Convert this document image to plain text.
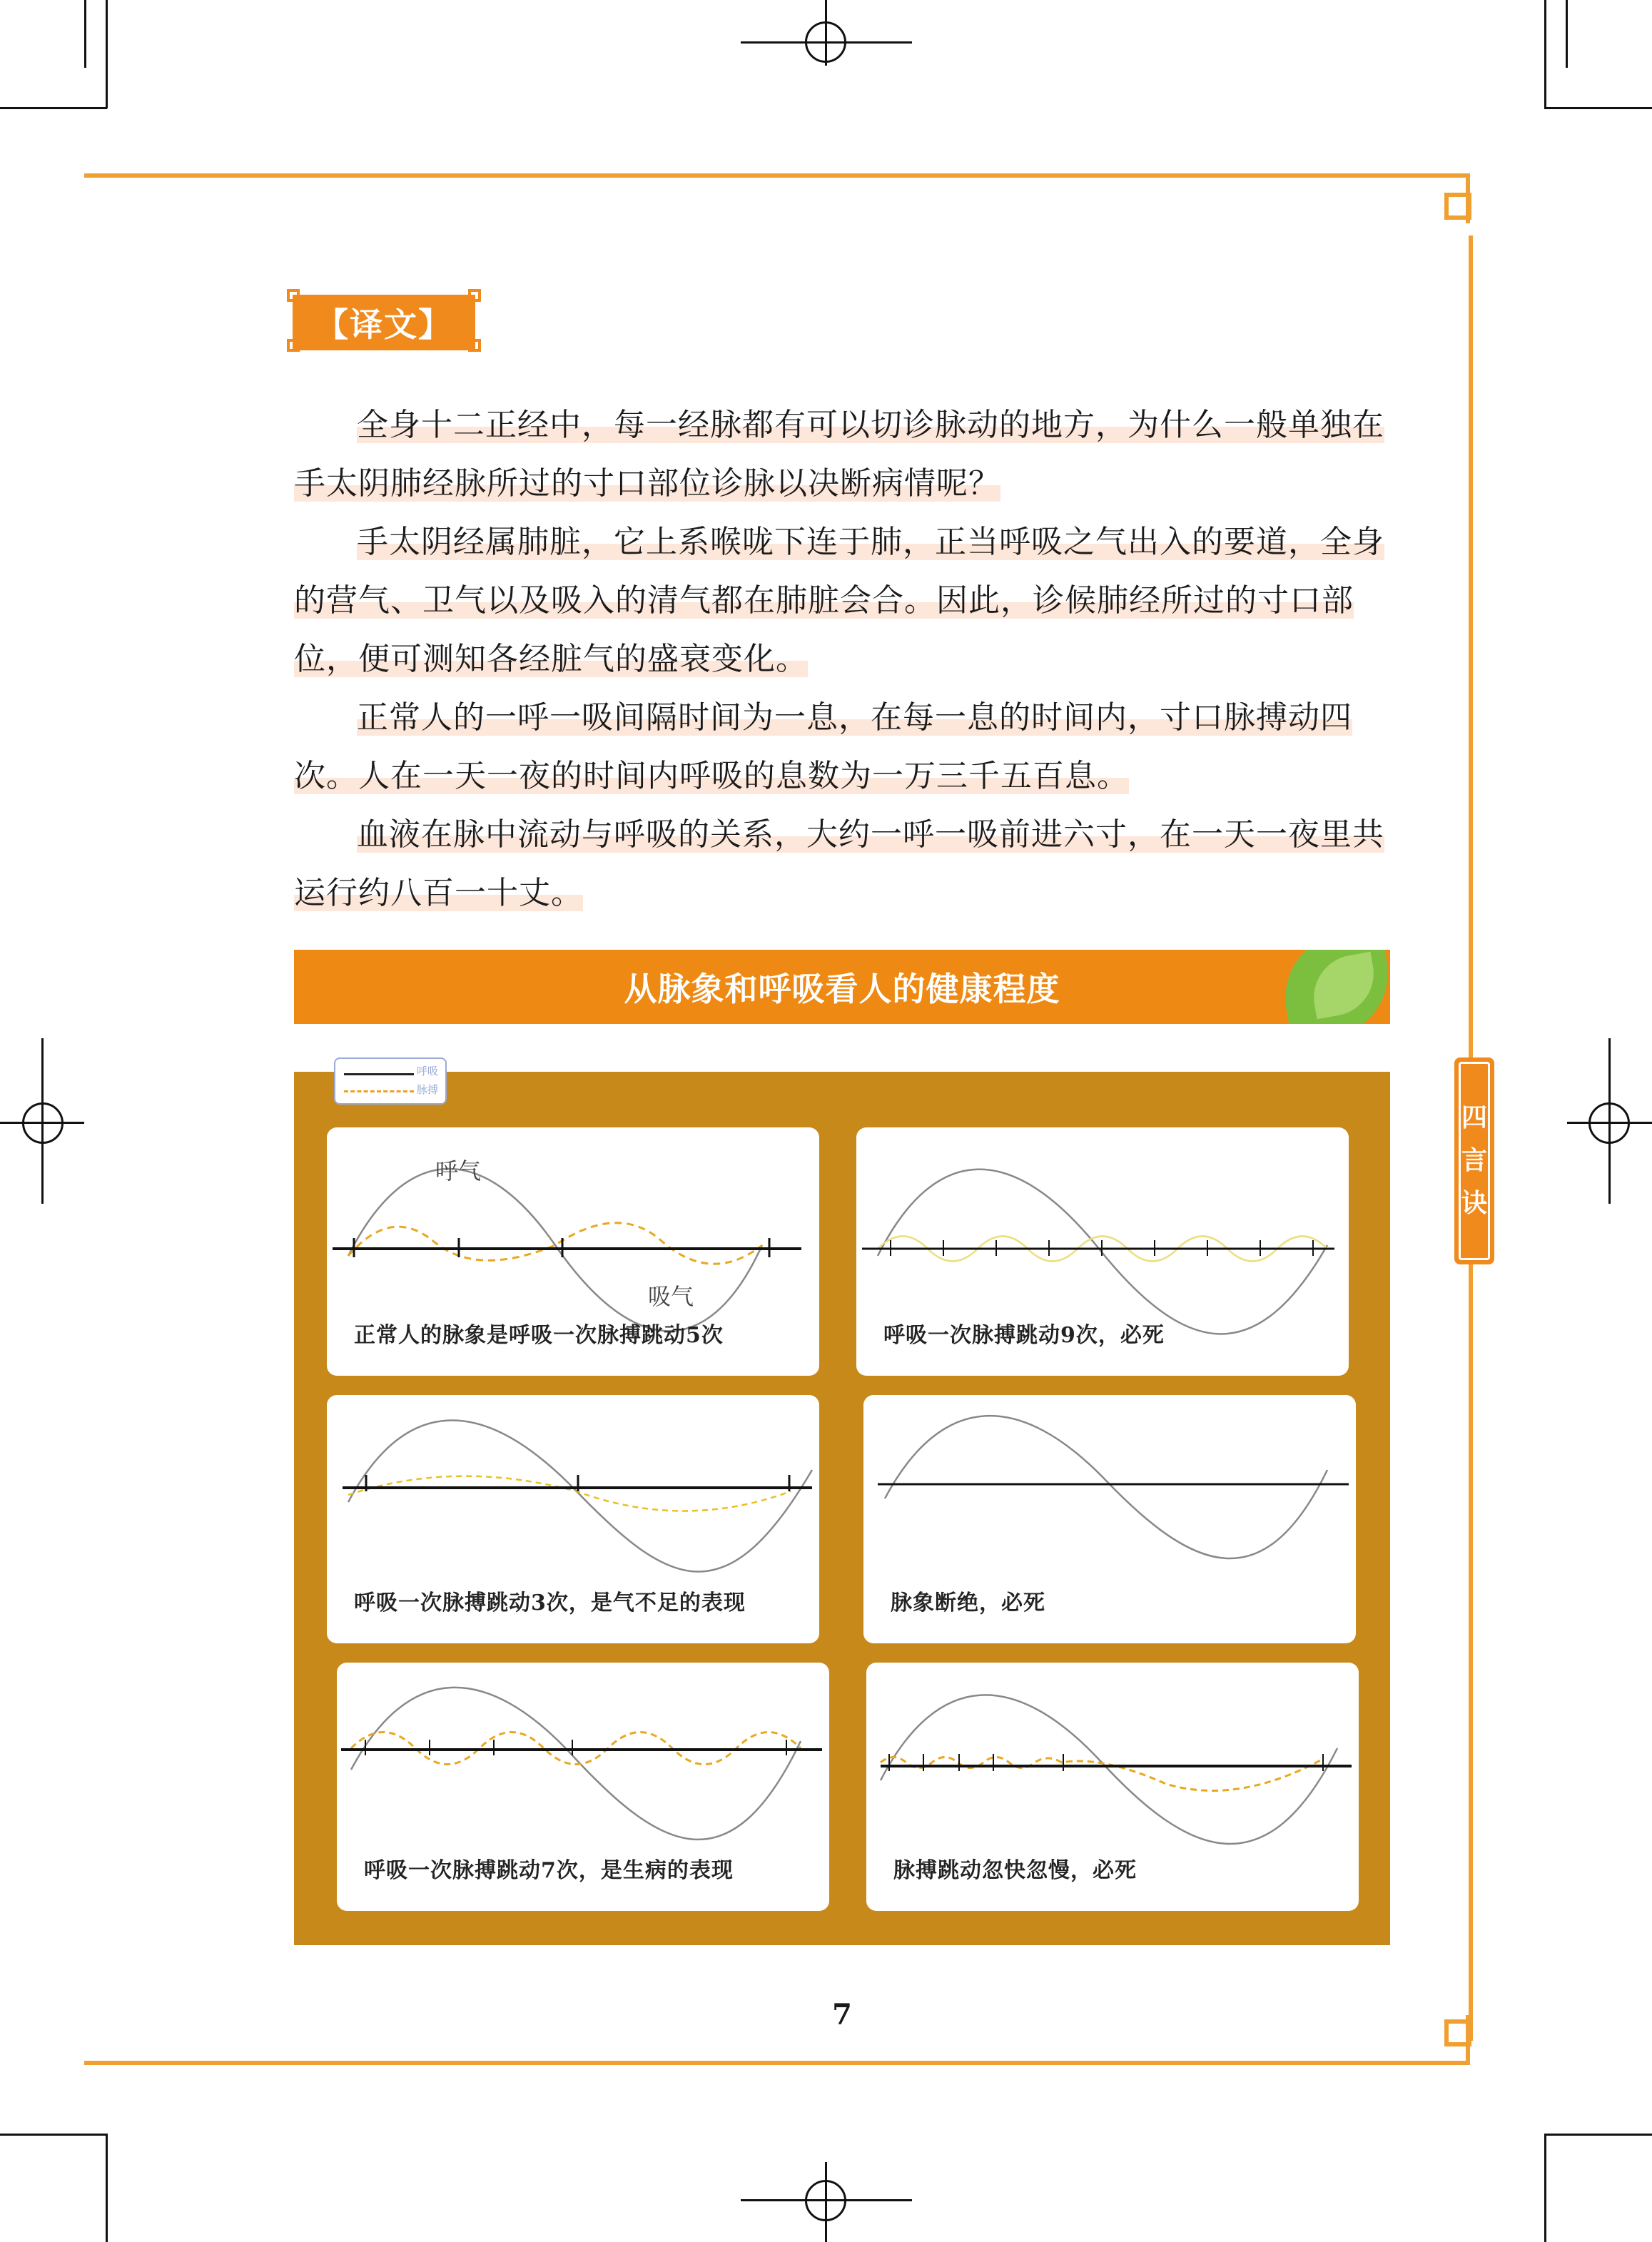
【译文】

全身十二正经中，每一经脉都有可以切诊脉动的地方，为什么一般单独在手太阴肺经脉所过的寸口部位诊脉以决断病情呢？

手太阴经属肺脏，它上系喉咙下连于肺，正当呼吸之气出入的要道，全身的营气、卫气以及吸入的清气都在肺脏会合。因此，诊候肺经所过的寸口部位，便可测知各经脏气的盛衰变化。

正常人的一呼一吸间隔时间为一息，在每一息的时间内，寸口脉搏动四次。人在一天一夜的时间内呼吸的息数为一万三千五百息。

血液在脉中流动与呼吸的关系，大约一呼一吸前进六寸，在一天一夜里共运行约八百一十丈。

从脉象和呼吸看人的健康程度
呼吸
脉搏
呼气
吸气
正常人的脉象是呼吸一次脉搏跳动5次	呼吸一次脉搏跳动9次，必死
呼吸一次脉搏跳动3次，是气不足的表现	脉象断绝，必死
呼吸一次脉搏跳动7次，是生病的表现	脉搏跳动忽快忽慢，必死
四
言
诀
7
